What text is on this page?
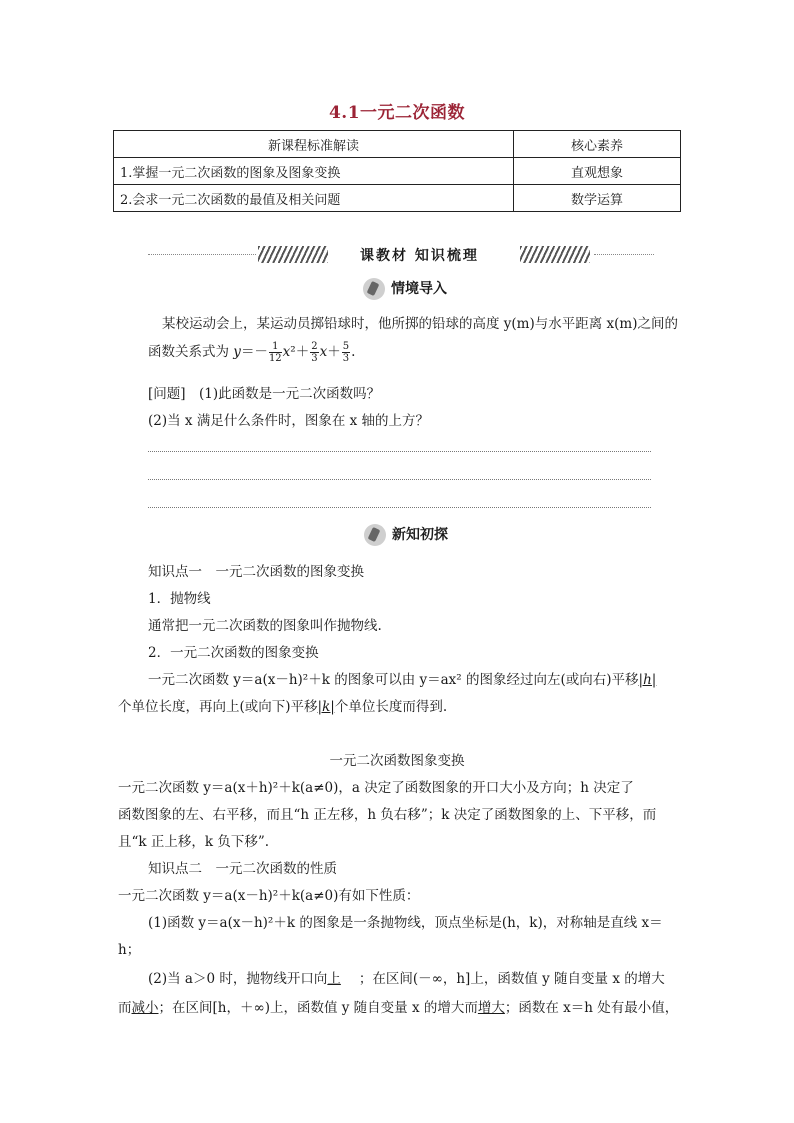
4.1一元二次函数
新课程标准解读	核心素养
1.掌握一元二次函数的图象及图象变换	直观想象
2.会求一元二次函数的最值及相关问题	数学运算
课教材 知识梳理
情境导入
某校运动会上，某运动员掷铅球时，他所掷的铅球的高度 y(m)与水平距离 x(m)之间的
函数关系式为 $y=- \frac{1}{12} x^2+ \frac{2}{3} x+ \frac{5}{3}$ .
[问题]　(1)此函数是一元二次函数吗？
(2)当 x 满足什么条件时，图象在 x 轴的上方？
新知初探
知识点一　一元二次函数的图象变换
1．抛物线
通常把一元二次函数的图象叫作抛物线.
2．一元二次函数的图象变换
一元二次函数 y＝a(x－h)²＋k 的图象可以由 y＝ax² 的图象经过向左(或向右)平移|h|
个单位长度，再向上(或向下)平移|k|个单位长度而得到.
一元二次函数图象变换
一元二次函数 y＝a(x＋h)²＋k(a≠0)，a 决定了函数图象的开口大小及方向；h 决定了
函数图象的左、右平移，而且“h 正左移，h 负右移”；k 决定了函数图象的上、下平移，而
且“k 正上移，k 负下移”.
知识点二　一元二次函数的性质
一元二次函数 y＝a(x－h)²＋k(a≠0)有如下性质：
(1)函数 y＝a(x－h)²＋k 的图象是一条抛物线，顶点坐标是(h，k)，对称轴是直线 x＝
h；
(2)当 a＞0 时，抛物线开口向上 ；在区间(－∞，h]上，函数值 y 随自变量 x 的增大
而减小；在区间[h，＋∞)上，函数值 y 随自变量 x 的增大而增大；函数在 x＝h 处有最小值，
